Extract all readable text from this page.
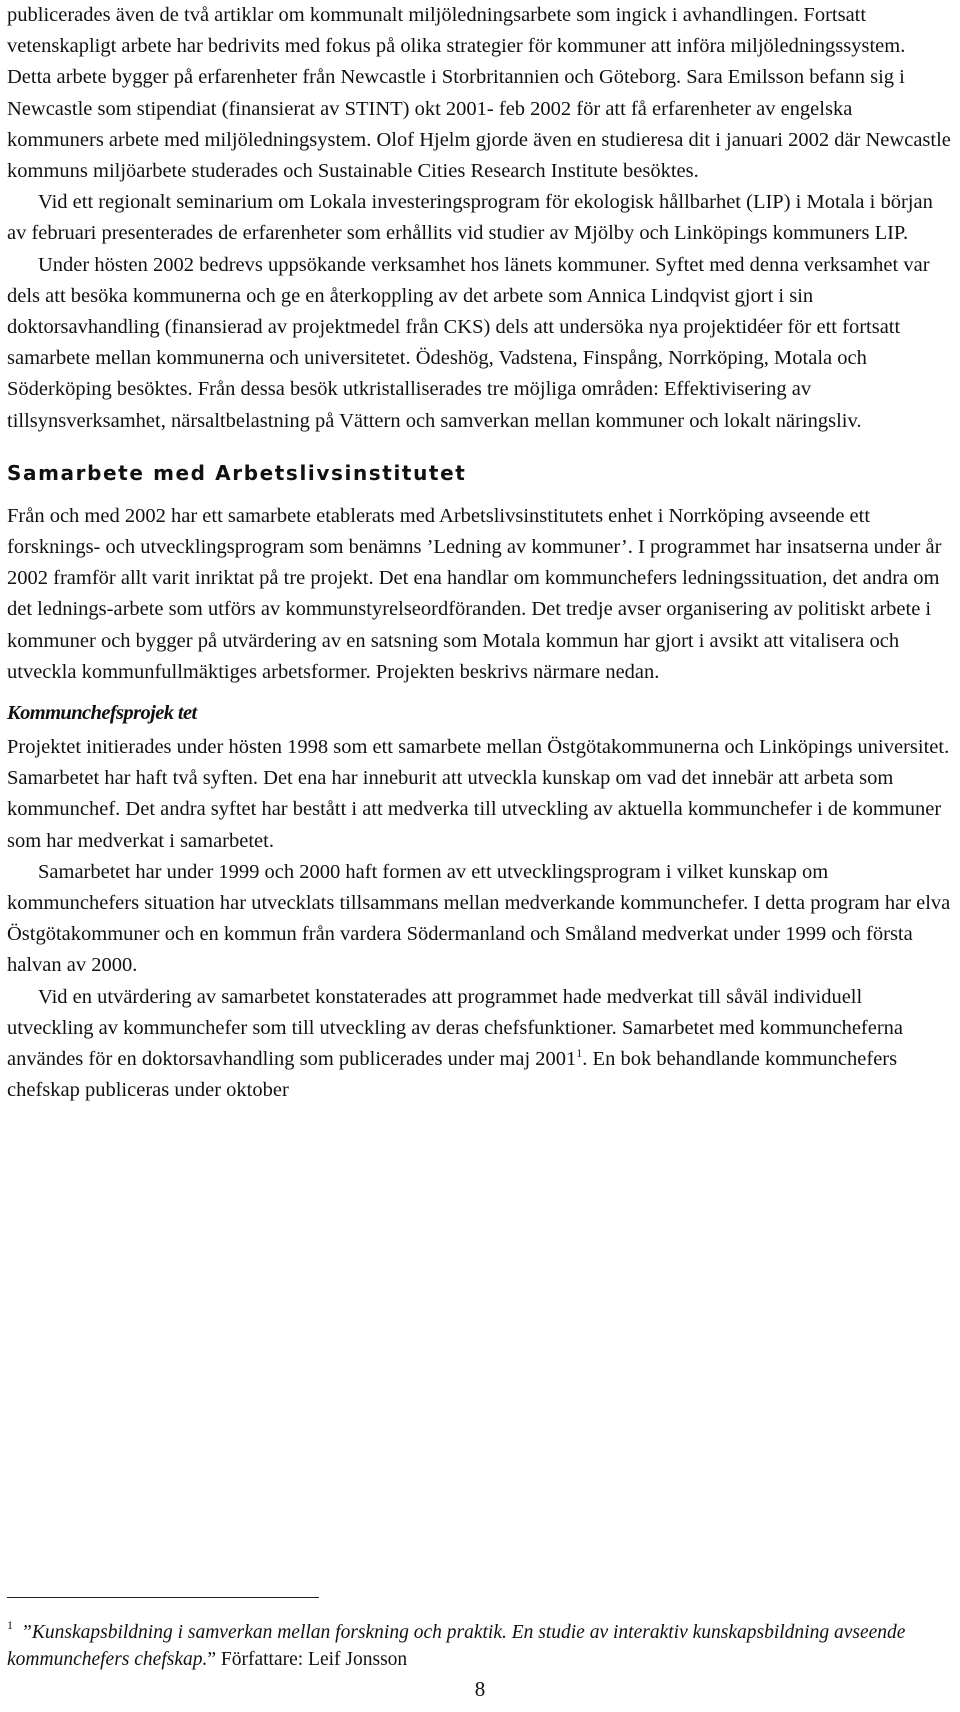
publicerades även de två artiklar om kommunalt miljöledningsarbete som ingick i avhandlingen. Fortsatt vetenskapligt arbete har bedrivits med fokus på olika strategier för kommuner att införa miljöledningssystem. Detta arbete bygger på erfarenheter från Newcastle i Storbritannien och Göteborg. Sara Emilsson befann sig i Newcastle som stipendiat (finansierat av STINT) okt 2001- feb 2002 för att få erfarenheter av engelska kommuners arbete med miljöledningsystem. Olof Hjelm gjorde även en studieresa dit i januari 2002 där Newcastle kommuns miljöarbete studerades och Sustainable Cities Research Institute besöktes.

Vid ett regionalt seminarium om Lokala investeringsprogram för ekologisk hållbarhet (LIP) i Motala i början av februari presenterades de erfarenheter som erhållits vid studier av Mjölby och Linköpings kommuners LIP.

Under hösten 2002 bedrevs uppsökande verksamhet hos länets kommuner. Syftet med denna verksamhet var dels att besöka kommunerna och ge en återkoppling av det arbete som Annica Lindqvist gjort i sin doktorsavhandling (finansierad av projektmedel från CKS) dels att undersöka nya projektidéer för ett fortsatt samarbete mellan kommunerna och universitetet. Ödeshög, Vadstena, Finspång, Norrköping, Motala och Söderköping besöktes. Från dessa besök utkristalliserades tre möjliga områden: Effektivisering av tillsynsverksamhet, närsaltbelastning på Vättern och samverkan mellan kommuner och lokalt näringsliv.

Samarbete med Arbetslivsinstitutet

Från och med 2002 har ett samarbete etablerats med Arbetslivsinstitutets enhet i Norrköping avseende ett forsknings- och utvecklingsprogram som benämns ’Ledning av kommuner’. I programmet har insatserna under år 2002 framför allt varit inriktat på tre projekt. Det ena handlar om kommunchefers ledningssituation, det andra om det lednings-arbete som utförs av kommunstyrelseordföranden. Det tredje avser organisering av politiskt arbete i kommuner och bygger på utvärdering av en satsning som Motala kommun har gjort i avsikt att vitalisera och utveckla kommunfullmäktiges arbetsformer. Projekten beskrivs närmare nedan.

Kommunchefsprojek tet

Projektet initierades under hösten 1998 som ett samarbete mellan Östgötakommunerna och Linköpings universitet. Samarbetet har haft två syften. Det ena har inneburit att utveckla kunskap om vad det innebär att arbeta som kommunchef. Det andra syftet har bestått i att medverka till utveckling av aktuella kommunchefer i de kommuner som har medverkat i samarbetet.

Samarbetet har under 1999 och 2000 haft formen av ett utvecklingsprogram i vilket kunskap om kommunchefers situation har utvecklats tillsammans mellan medverkande kommunchefer. I detta program har elva Östgötakommuner och en kommun från vardera Södermanland och Småland medverkat under 1999 och första halvan av 2000.

Vid en utvärdering av samarbetet konstaterades att programmet hade medverkat till såväl individuell utveckling av kommunchefer som till utveckling av deras chefsfunktioner. Samarbetet med kommuncheferna användes för en doktorsavhandling som publicerades under maj 2001$^1$. En bok behandlande kommunchefers chefskap publiceras under oktober

$^1$ ”Kunskapsbildning i samverkan mellan forskning och praktik. En studie av interaktiv kunskapsbildning avseende kommunchefers chefskap.” Författare: Leif Jonsson
8
